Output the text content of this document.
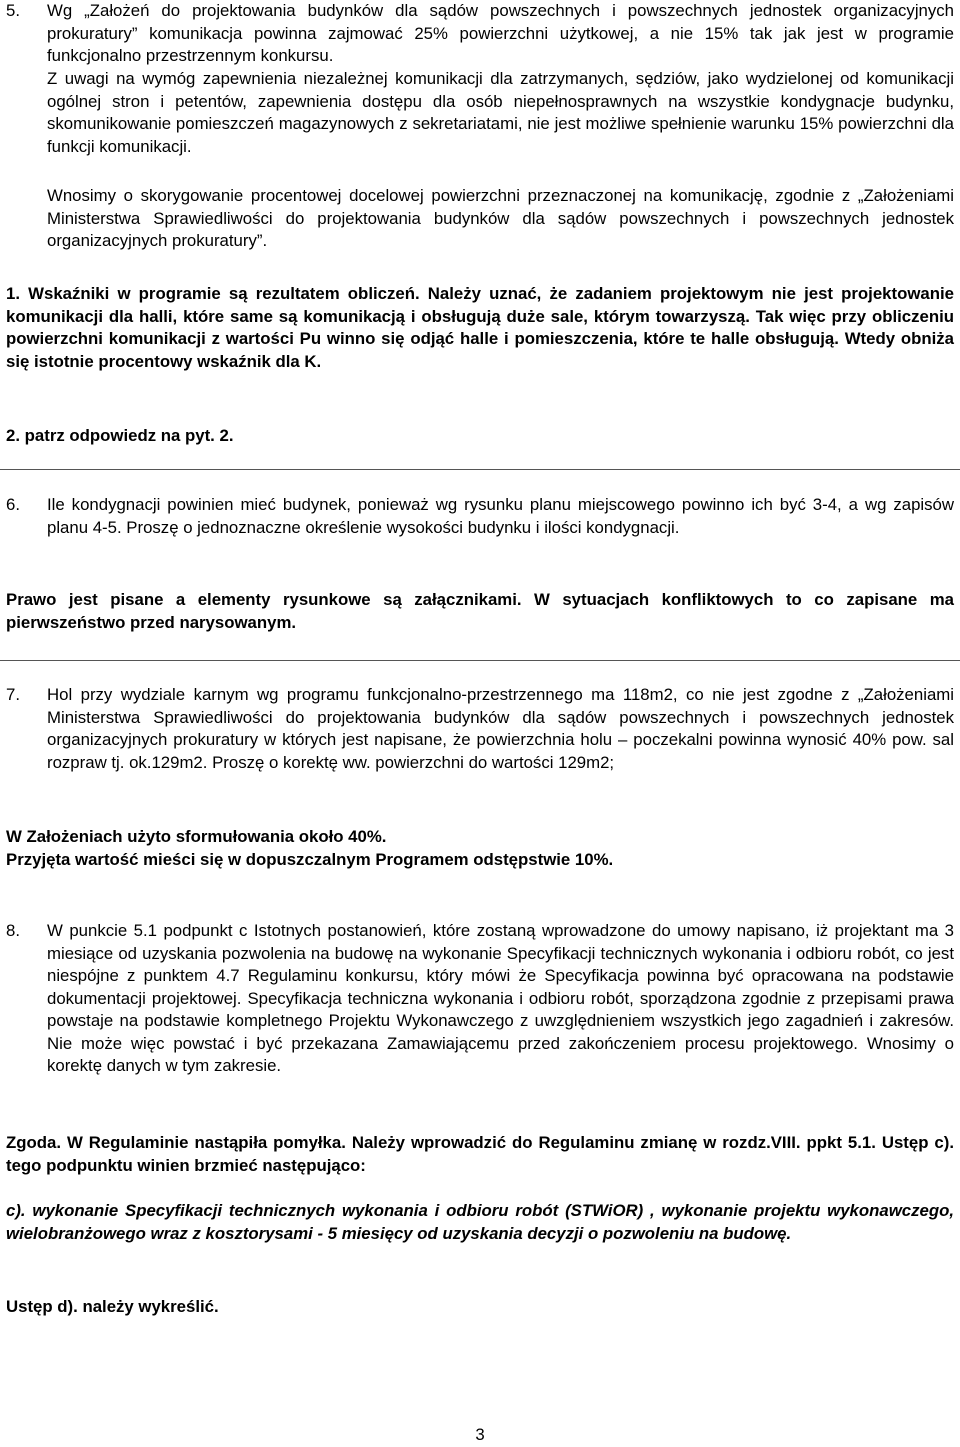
5.	Wg „Założeń do projektowania budynków dla sądów powszechnych i powszechnych jednostek organizacyjnych prokuratury” komunikacja powinna zajmować 25% powierzchni użytkowej, a nie 15% tak jak jest w programie funkcjonalno przestrzennym konkursu.

Z uwagi na wymóg zapewnienia niezależnej komunikacji dla zatrzymanych, sędziów, jako wydzielonej od komunikacji ogólnej stron i petentów, zapewnienia dostępu dla osób niepełnosprawnych na wszystkie kondygnacje budynku, skomunikowanie pomieszczeń magazynowych z sekretariatami, nie jest możliwe spełnienie warunku 15% powierzchni dla funkcji komunikacji.

Wnosimy o skorygowanie procentowej docelowej powierzchni przeznaczonej na komunikację, zgodnie z „Założeniami Ministerstwa Sprawiedliwości do projektowania budynków dla sądów powszechnych i powszechnych jednostek organizacyjnych prokuratury”.

1. Wskaźniki w programie są rezultatem obliczeń. Należy uznać, że zadaniem projektowym nie jest projektowanie komunikacji dla halli, które same są komunikacją i obsługują duże sale, którym towarzyszą. Tak więc przy obliczeniu powierzchni komunikacji z wartości Pu winno się odjąć halle i pomieszczenia, które te halle obsługują. Wtedy obniża się istotnie procentowy wskaźnik dla K.

2. patrz odpowiedz na pyt. 2.

6.	Ile kondygnacji powinien mieć budynek, ponieważ wg rysunku planu miejscowego powinno ich być 3-4, a wg zapisów planu 4-5. Proszę o jednoznaczne określenie wysokości budynku i ilości kondygnacji.

Prawo jest pisane a elementy rysunkowe są załącznikami. W sytuacjach konfliktowych to co zapisane ma pierwszeństwo przed narysowanym.

7.	Hol przy wydziale karnym wg programu funkcjonalno-przestrzennego ma 118m2, co nie jest zgodne z „Założeniami Ministerstwa Sprawiedliwości do projektowania budynków dla sądów powszechnych i powszechnych jednostek organizacyjnych prokuratury w których jest napisane, że powierzchnia holu – poczekalni powinna wynosić 40% pow. sal rozpraw tj. ok.129m2. Proszę o korektę ww. powierzchni do wartości 129m2;

W Założeniach użyto sformułowania około 40%.

Przyjęta wartość mieści się w dopuszczalnym Programem odstępstwie 10%.

8.	W punkcie 5.1 podpunkt c Istotnych postanowień, które zostaną wprowadzone do umowy napisano, iż projektant ma 3 miesiące od uzyskania pozwolenia na budowę na wykonanie Specyfikacji technicznych wykonania i odbioru robót, co jest niespójne z punktem 4.7 Regulaminu konkursu, który mówi że Specyfikacja powinna być opracowana na podstawie dokumentacji projektowej. Specyfikacja techniczna wykonania i odbioru robót, sporządzona zgodnie z przepisami prawa powstaje na podstawie kompletnego Projektu Wykonawczego z uwzględnieniem wszystkich jego zagadnień i zakresów. Nie może więc powstać i być przekazana Zamawiającemu przed zakończeniem procesu projektowego. Wnosimy o korektę danych w tym zakresie.

Zgoda. W Regulaminie nastąpiła pomyłka. Należy wprowadzić do Regulaminu zmianę w rozdz.VIII. ppkt 5.1. Ustęp c). tego podpunktu winien brzmieć następująco:

c). wykonanie Specyfikacji technicznych wykonania i odbioru robót (STWiOR) , wykonanie projektu wykonawczego, wielobranżowego wraz z kosztorysami - 5 miesięcy od uzyskania decyzji o pozwoleniu na budowę.

Ustęp d). należy wykreślić.

3
